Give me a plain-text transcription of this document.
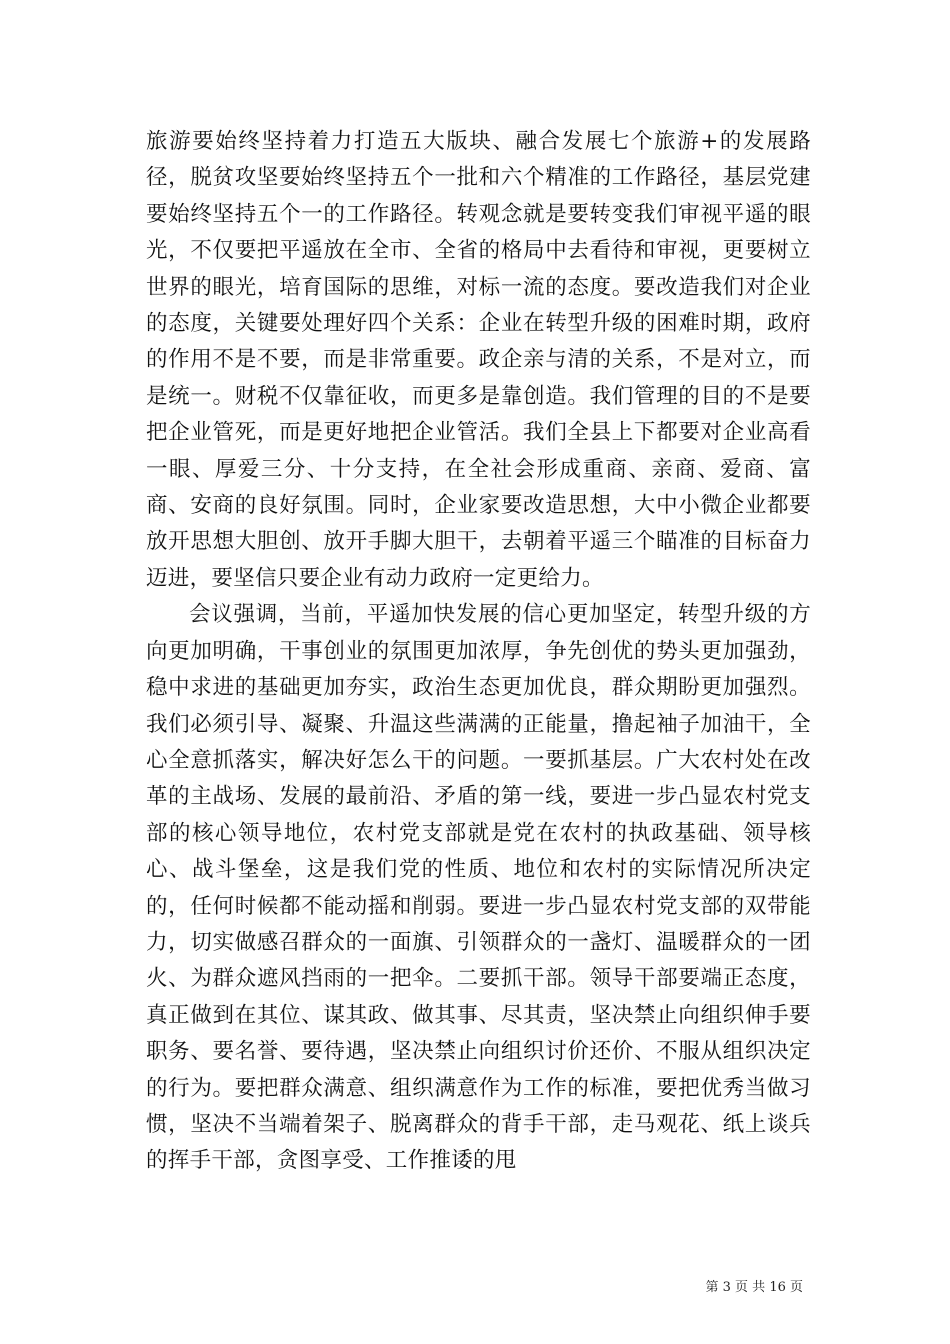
旅游要始终坚持着力打造五大版块、融合发展七个旅游+的发展路径，脱贫攻坚要始终坚持五个一批和六个精准的工作路径，基层党建要始终坚持五个一的工作路径。转观念就是要转变我们审视平遥的眼光，不仅要把平遥放在全市、全省的格局中去看待和审视，更要树立世界的眼光，培育国际的思维，对标一流的态度。要改造我们对企业的态度，关键要处理好四个关系：企业在转型升级的困难时期，政府的作用不是不要，而是非常重要。政企亲与清的关系，不是对立，而是统一。财税不仅靠征收，而更多是靠创造。我们管理的目的不是要把企业管死，而是更好地把企业管活。我们全县上下都要对企业高看一眼、厚爱三分、十分支持，在全社会形成重商、亲商、爱商、富商、安商的良好氛围。同时，企业家要改造思想，大中小微企业都要放开思想大胆创、放开手脚大胆干，去朝着平遥三个瞄准的目标奋力迈进，要坚信只要企业有动力政府一定更给力。

会议强调，当前，平遥加快发展的信心更加坚定，转型升级的方向更加明确，干事创业的氛围更加浓厚，争先创优的势头更加强劲，稳中求进的基础更加夯实，政治生态更加优良，群众期盼更加强烈。我们必须引导、凝聚、升温这些满满的正能量，撸起袖子加油干，全心全意抓落实，解决好怎么干的问题。一要抓基层。广大农村处在改革的主战场、发展的最前沿、矛盾的第一线，要进一步凸显农村党支部的核心领导地位，农村党支部就是党在农村的执政基础、领导核心、战斗堡垒，这是我们党的性质、地位和农村的实际情况所决定的，任何时候都不能动摇和削弱。要进一步凸显农村党支部的双带能力，切实做感召群众的一面旗、引领群众的一盏灯、温暖群众的一团火、为群众遮风挡雨的一把伞。二要抓干部。领导干部要端正态度，真正做到在其位、谋其政、做其事、尽其责，坚决禁止向组织伸手要职务、要名誉、要待遇，坚决禁止向组织讨价还价、不服从组织决定的行为。要把群众满意、组织满意作为工作的标准，要把优秀当做习惯，坚决不当端着架子、脱离群众的背手干部，走马观花、纸上谈兵的挥手干部，贪图享受、工作推诿的甩

第 3 页 共 16 页
